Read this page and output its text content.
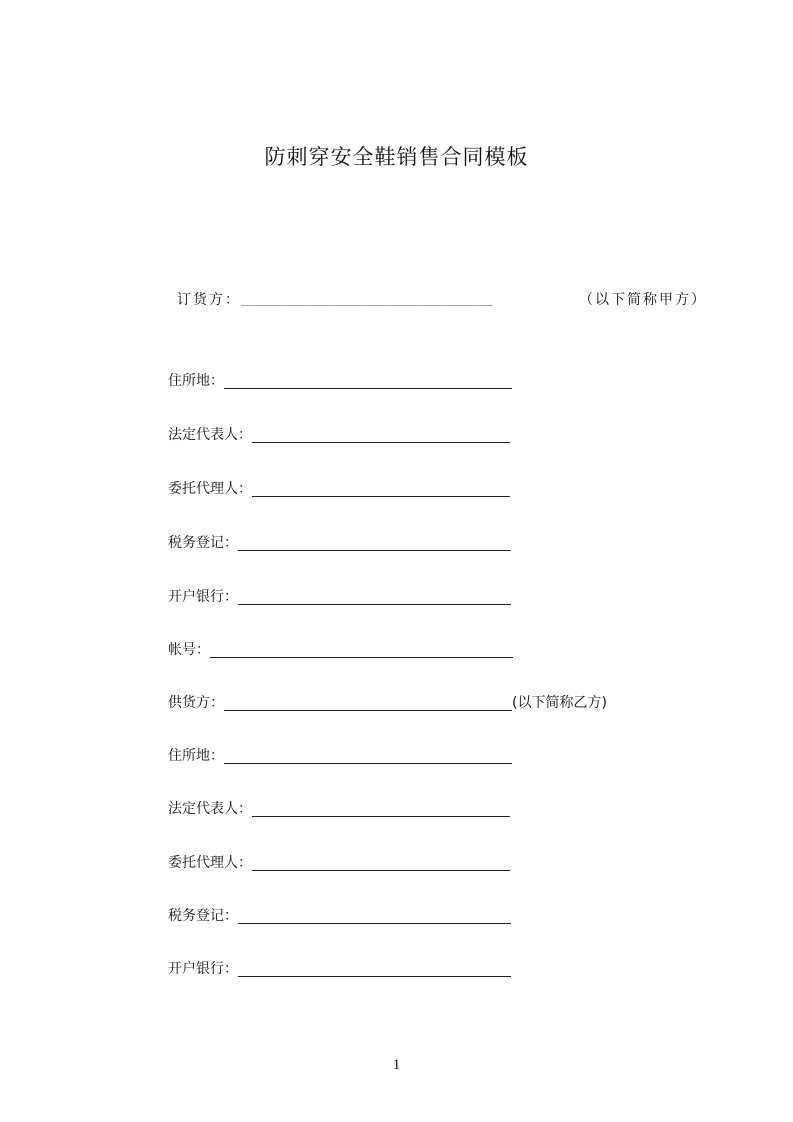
防刺穿安全鞋销售合同模板
订货方： ______________________________________	（以下简称甲方）
住所地：
法定代表人：
委托代理人：
税务登记：
开户银行：
帐号：
供货方：	(以下简称乙方)
住所地：
法定代表人：
委托代理人：
税务登记：
开户银行：
1
